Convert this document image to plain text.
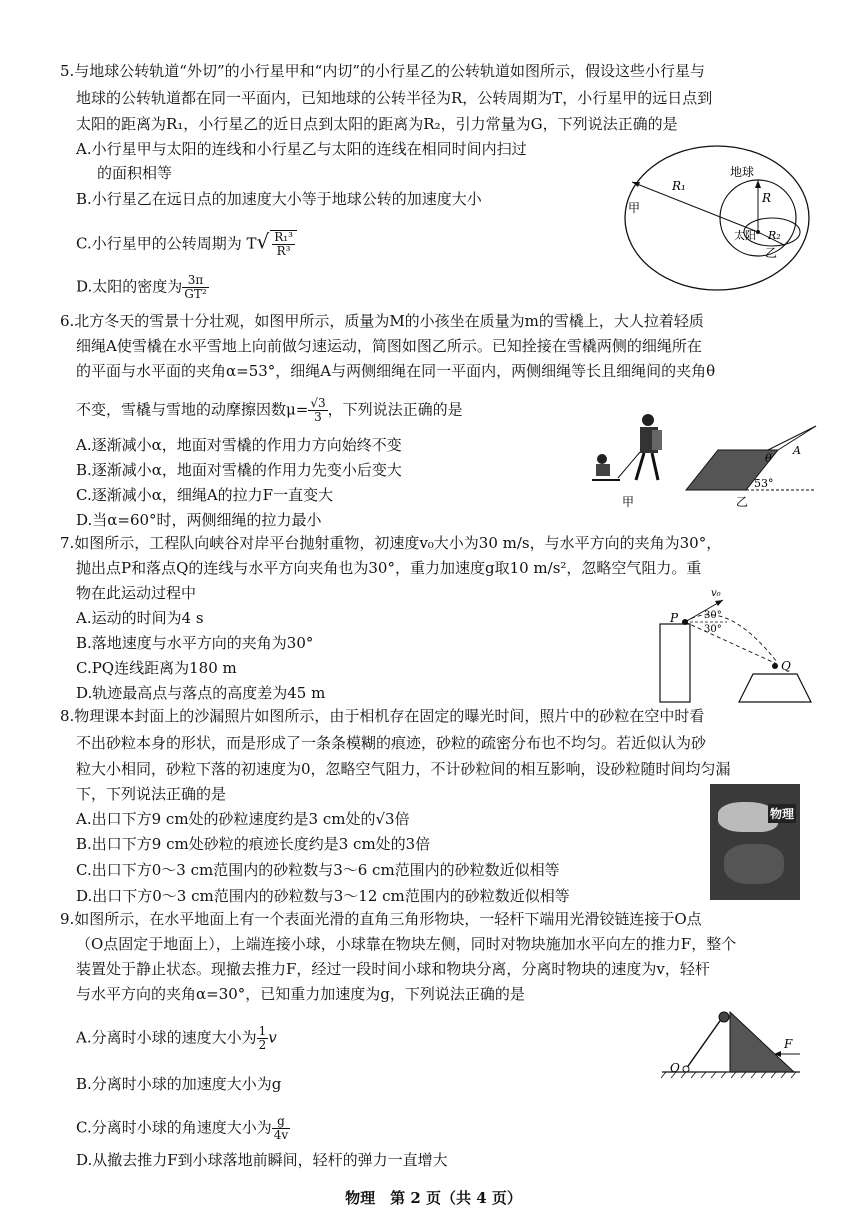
5.与地球公转轨道“外切”的小行星甲和“内切”的小行星乙的公转轨道如图所示，假设这些小行星与
地球的公转轨道都在同一平面内，已知地球的公转半径为R，公转周期为T，小行星甲的远日点到
太阳的距离为R₁，小行星乙的近日点到太阳的距离为R₂，引力常量为G，下列说法正确的是
A.小行星甲与太阳的连线和小行星乙与太阳的连线在相同时间内扫过
的面积相等
B.小行星乙在远日点的加速度大小等于地球公转的加速度大小
C.小行星甲的公转周期为 $T√ \frac{\text{R₁³}}{\text{R³}}$
D.太阳的密度为 $\frac{3\pi}{\text{GT²}}$
甲
地球
R₁
R
太阳 R₂
乙
6.北方冬天的雪景十分壮观，如图甲所示，质量为M的小孩坐在质量为m的雪橇上，大人拉着轻质
细绳A使雪橇在水平雪地上向前做匀速运动，简图如图乙所示。已知拴接在雪橇两侧的细绳所在
的平面与水平面的夹角α=53°，细绳A与两侧细绳在同一平面内，两侧细绳等长且细绳间的夹角θ
不变，雪橇与雪地的动摩擦因数$\mu= \frac{√3}{3}$ ，下列说法正确的是
A.逐渐减小α，地面对雪橇的作用力方向始终不变
B.逐渐减小α，地面对雪橇的作用力先变小后变大
C.逐渐减小α，细绳A的拉力F一直变大
D.当α=60°时，两侧细绳的拉力最小
甲
θ
A
53°
乙
7.如图所示，工程队向峡谷对岸平台抛射重物，初速度v₀大小为30 m/s，与水平方向的夹角为30°，
抛出点P和落点Q的连线与水平方向夹角也为30°，重力加速度g取10 m/s²，忽略空气阻力。重
物在此运动过程中
A.运动的时间为4 s
B.落地速度与水平方向的夹角为30°
C.PQ连线距离为180 m
D.轨迹最高点与落点的高度差为45 m
v₀
P	30°
30°
Q
8.物理课本封面上的沙漏照片如图所示，由于相机存在固定的曝光时间，照片中的砂粒在空中时看
不出砂粒本身的形状，而是形成了一条条模糊的痕迹，砂粒的疏密分布也不均匀。若近似认为砂
粒大小相同，砂粒下落的初速度为0，忽略空气阻力，不计砂粒间的相互影响，设砂粒随时间均匀漏
下，下列说法正确的是
A.出口下方9 cm处的砂粒速度约是3 cm处的√3倍
B.出口下方9 cm处砂粒的痕迹长度约是3 cm处的3倍
C.出口下方0～3 cm范围内的砂粒数与3～6 cm范围内的砂粒数近似相等
D.出口下方0～3 cm范围内的砂粒数与3～12 cm范围内的砂粒数近似相等
物理
9.如图所示，在水平地面上有一个表面光滑的直角三角形物块，一轻杆下端用光滑铰链连接于O点
（O点固定于地面上），上端连接小球，小球靠在物块左侧，同时对物块施加水平向左的推力F，整个
装置处于静止状态。现撤去推力F，经过一段时间小球和物块分离，分离时物块的速度为v，轻杆
与水平方向的夹角α=30°，已知重力加速度为g，下列说法正确的是
A.分离时小球的速度大小为 $\frac{1}{2}$ v
B.分离时小球的加速度大小为g
C.分离时小球的角速度大小为 $\frac{g}{4v}$
D.从撤去推力F到小球落地前瞬间，轻杆的弹力一直增大
O
F
物理　第 2 页（共 4 页）
